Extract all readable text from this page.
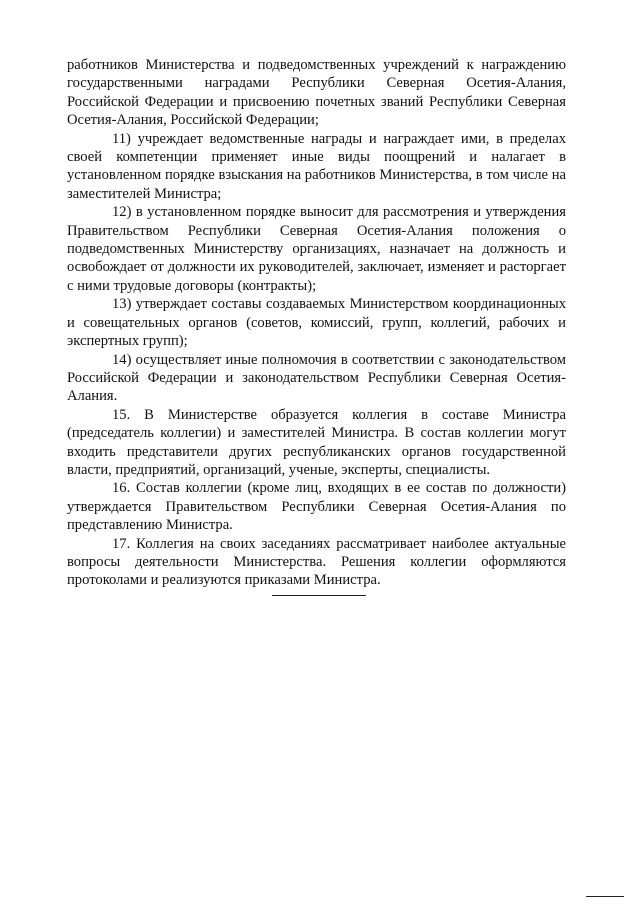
работников Министерства и подведомственных учреждений к награждению государственными наградами Республики Северная Осетия-Алания, Российской Федерации и присвоению почетных званий Республики Северная Осетия-Алания, Российской Федерации;

11) учреждает ведомственные награды и награждает ими, в пределах своей компетенции применяет иные виды поощрений и налагает в установленном порядке взыскания на работников Министерства, в том числе на заместителей Министра;

12) в установленном порядке выносит для рассмотрения и утверждения Правительством Республики Северная Осетия-Алания положения о подведомственных Министерству организациях, назначает на должность и освобождает от должности их руководителей, заключает, изменяет и расторгает с ними трудовые договоры (контракты);

13) утверждает составы создаваемых Министерством координационных и совещательных органов (советов, комиссий, групп, коллегий, рабочих и экспертных групп);

14) осуществляет иные полномочия в соответствии с законодательством Российской Федерации и законодательством Республики Северная Осетия-Алания.

15. В Министерстве образуется коллегия в составе Министра (председатель коллегии) и заместителей Министра. В состав коллегии могут входить представители других республиканских органов государственной власти, предприятий, организаций, ученые, эксперты, специалисты.

16. Состав коллегии (кроме лиц, входящих в ее состав по должности) утверждается Правительством Республики Северная Осетия-Алания по представлению Министра.

17. Коллегия на своих заседаниях рассматривает наиболее актуальные вопросы деятельности Министерства. Решения коллегии оформляются протоколами и реализуются приказами Министра.
